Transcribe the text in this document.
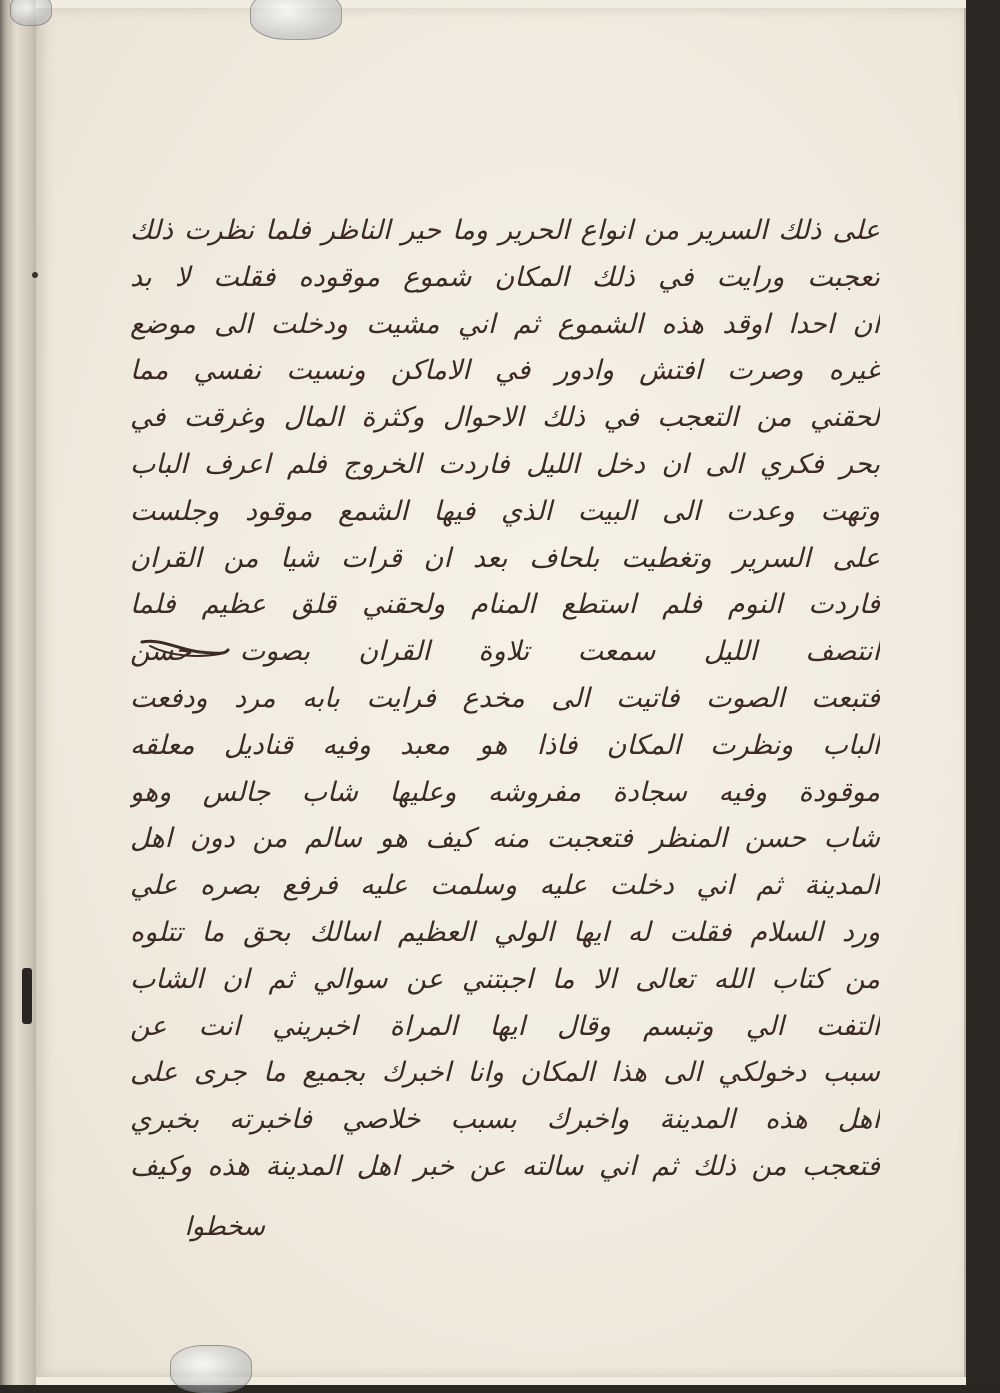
على ذلك السرير من انواع الحرير وما حير الناظر فلما نظرت ذلك
تعجبت ورايت في ذلك المكان شموع موقوده فقلت لا بد
ان احدا اوقد هذه الشموع ثم اني مشيت ودخلت الى موضع
غيره وصرت افتش وادور في الاماكن ونسيت نفسي مما
لحقني من التعجب في ذلك الاحوال وكثرة المال وغرقت في
بحر فكري الى ان دخل الليل فاردت الخروج فلم اعرف الباب
وتهت وعدت الى البيت الذي فيها الشمع موقود وجلست
على السرير وتغطيت بلحاف بعد ان قرات شيا من القران
فاردت النوم فلم استطع المنام ولحقني قلق عظيم فلما
انتصف الليل سمعت تلاوة القران بصوت حسن
فتبعت الصوت فاتيت الى مخدع فرايت بابه مرد ودفعت
الباب ونظرت المكان فاذا هو معبد وفيه قناديل معلقه
موقودة وفيه سجادة مفروشه وعليها شاب جالس وهو
شاب حسن المنظر فتعجبت منه كيف هو سالم من دون اهل
المدينة ثم اني دخلت عليه وسلمت عليه فرفع بصره علي
ورد السلام فقلت له ايها الولي العظيم اسالك بحق ما تتلوه
من كتاب الله تعالى الا ما اجبتني عن سوالي ثم ان الشاب
التفت الي وتبسم وقال ايها المراة اخبريني انت عن
سبب دخولكي الى هذا المكان وانا اخبرك بجميع ما جرى على
اهل هذه المدينة واخبرك بسبب خلاصي فاخبرته بخبري
فتعجب من ذلك ثم اني سالته عن خبر اهل المدينة هذه وكيف
سخطوا
